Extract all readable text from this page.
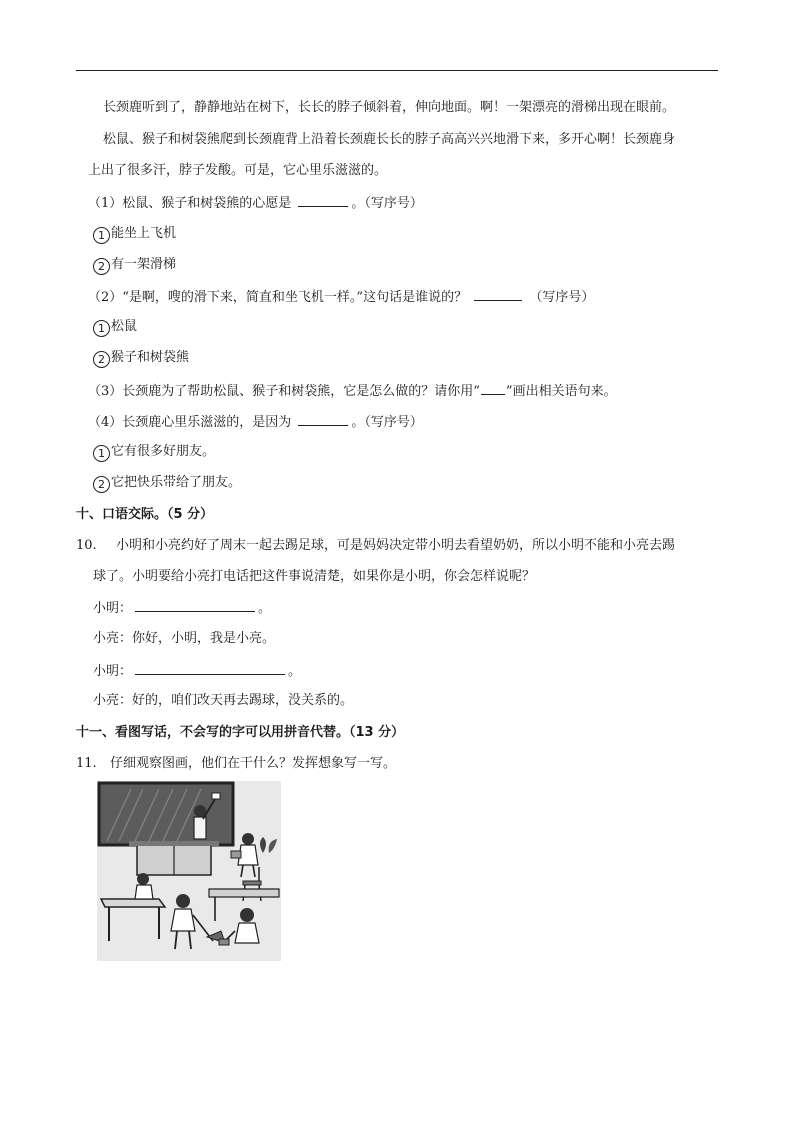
长颈鹿听到了，静静地站在树下，长长的脖子倾斜着，伸向地面。啊！一架漂亮的滑梯出现在眼前。
松鼠、猴子和树袋熊爬到长颈鹿背上沿着长颈鹿长长的脖子高高兴兴地滑下来，多开心啊！长颈鹿身
上出了很多汗，脖子发酸。可是，它心里乐滋滋的。
（1）松鼠、猴子和树袋熊的心愿是	。（写序号）
1 能坐上飞机
2 有一架滑梯
（2）“是啊，嗖的滑下来，简直和坐飞机一样。”这句话是谁说的？	（写序号）
1 松鼠
2 猴子和树袋熊
（3）长颈鹿为了帮助松鼠、猴子和树袋熊，它是怎么做的？请你用“ ”画出相关语句来。
（4）长颈鹿心里乐滋滋的，是因为	。（写序号）
1 它有很多好朋友。
2 它把快乐带给了朋友。
十、口语交际。（5 分）
10. 小明和小亮约好了周末一起去踢足球，可是妈妈决定带小明去看望奶奶，所以小明不能和小亮去踢
球了。小明要给小亮打电话把这件事说清楚，如果你是小明，你会怎样说呢？
小明：	。
小亮：你好，小明，我是小亮。
小明：	。
小亮：好的，咱们改天再去踢球，没关系的。
十一、看图写话，不会写的字可以用拼音代替。（13 分）
11. 仔细观察图画，他们在干什么？发挥想象写一写。
